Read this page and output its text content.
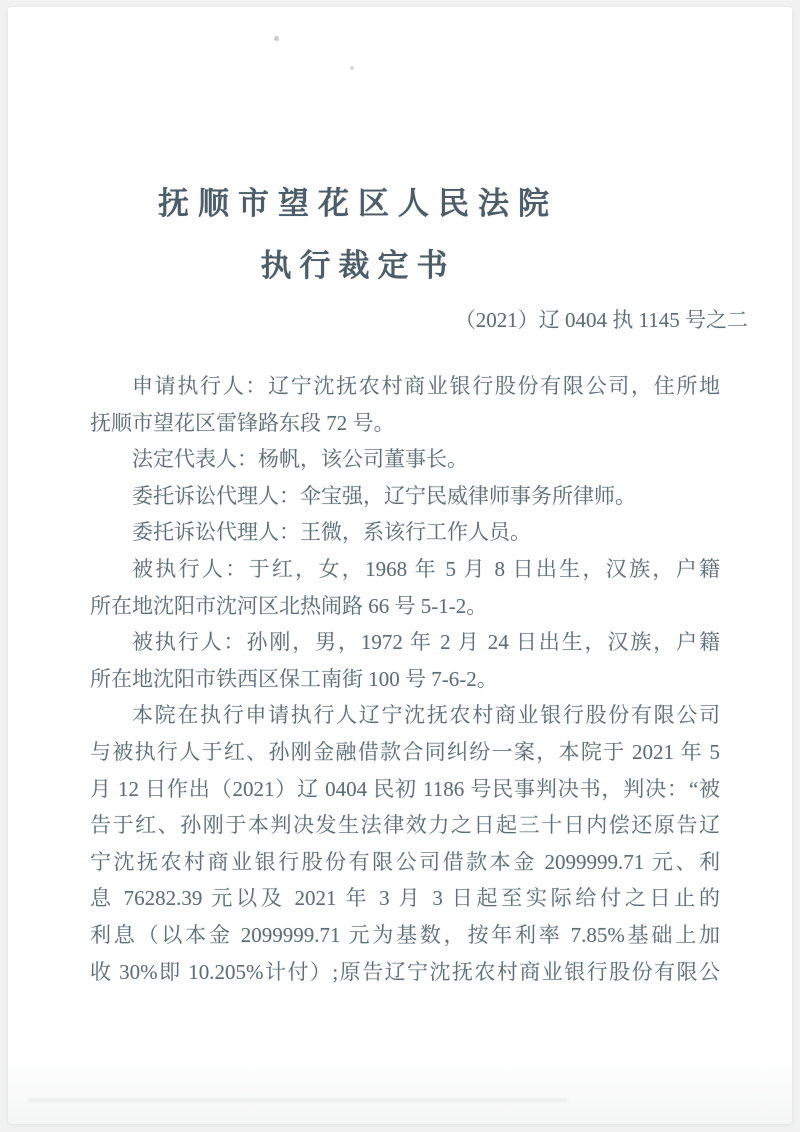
抚顺市望花区人民法院
执行裁定书
（2021）辽 0404 执 1145 号之二
申请执行人：辽宁沈抚农村商业银行股份有限公司，住所地
抚顺市望花区雷锋路东段 72 号。
法定代表人：杨帆，该公司董事长。
委托诉讼代理人：伞宝强，辽宁民威律师事务所律师。
委托诉讼代理人：王微，系该行工作人员。
被执行人：于红，女，1968 年 5 月 8 日出生，汉族，户籍
所在地沈阳市沈河区北热闹路 66 号 5-1-2。
被执行人：孙刚，男，1972 年 2 月 24 日出生，汉族，户籍
所在地沈阳市铁西区保工南街 100 号 7-6-2。
本院在执行申请执行人辽宁沈抚农村商业银行股份有限公司
与被执行人于红、孙刚金融借款合同纠纷一案，本院于 2021 年 5
月 12 日作出（2021）辽 0404 民初 1186 号民事判决书，判决：“被
告于红、孙刚于本判决发生法律效力之日起三十日内偿还原告辽
宁沈抚农村商业银行股份有限公司借款本金 2099999.71 元、利
息 76282.39 元以及 2021 年 3 月 3 日起至实际给付之日止的
利息（以本金 2099999.71 元为基数，按年利率 7.85%基础上加
收 30%即 10.205%计付）;原告辽宁沈抚农村商业银行股份有限公
